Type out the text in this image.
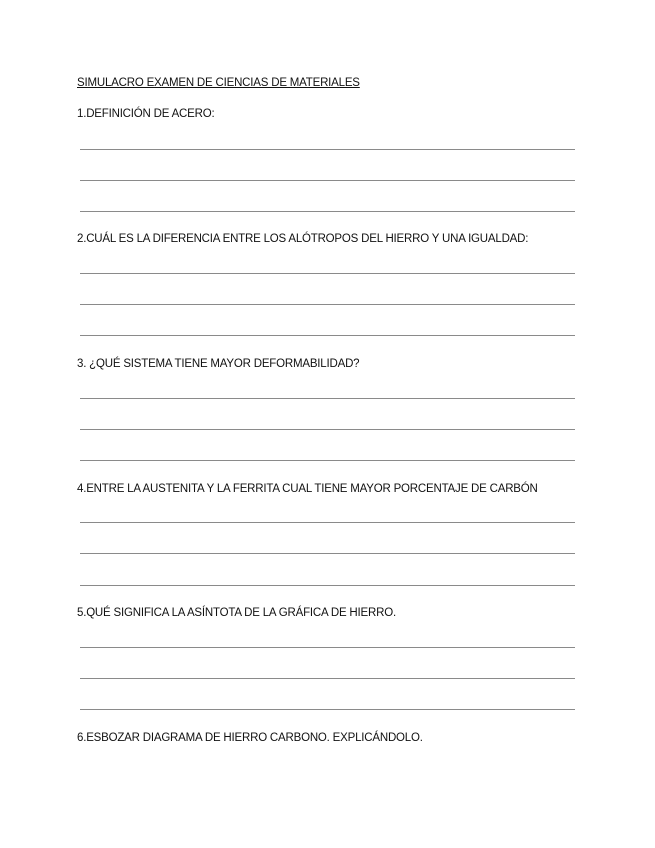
SIMULACRO EXAMEN DE CIENCIAS DE MATERIALES
1.DEFINICIÓN DE ACERO:
2.CUÁL ES LA DIFERENCIA ENTRE LOS ALÓTROPOS DEL HIERRO Y UNA IGUALDAD:
3. ¿QUÉ SISTEMA TIENE MAYOR DEFORMABILIDAD?
4.ENTRE LA AUSTENITA Y LA FERRITA CUAL TIENE MAYOR PORCENTAJE DE CARBÓN
5.QUÉ SIGNIFICA LA ASÍNTOTA DE LA GRÁFICA DE HIERRO.
6.ESBOZAR DIAGRAMA DE HIERRO CARBONO. EXPLICÁNDOLO.
